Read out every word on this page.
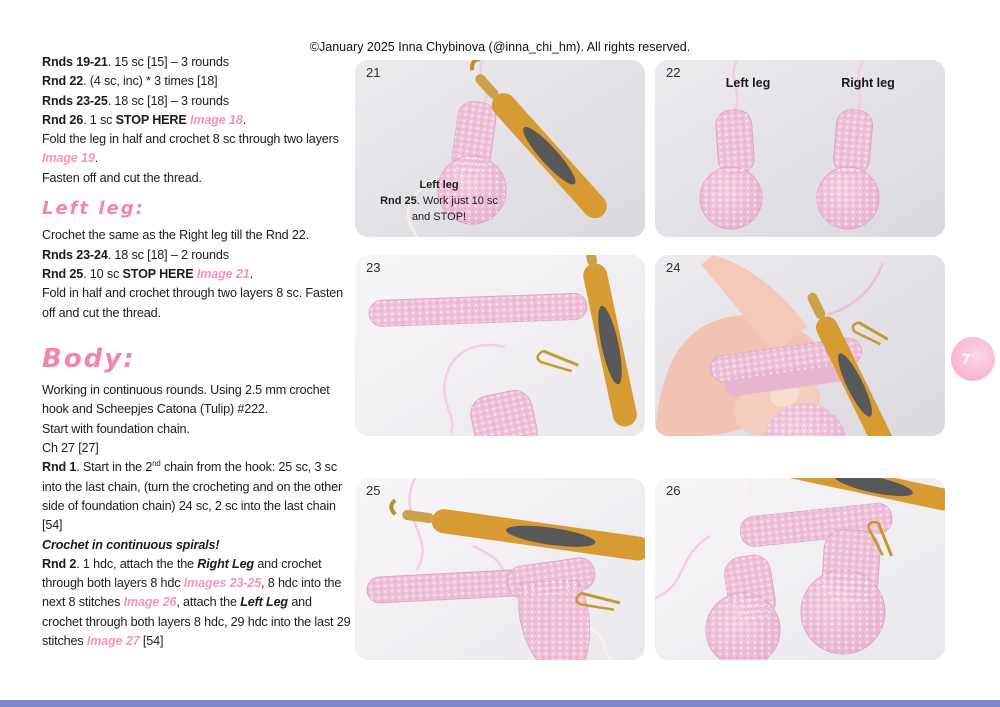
©January 2025 Inna Chybinova (@inna_chi_hm). All rights reserved.

Rnds 19-21. 15 sc [15] – 3 rounds

Rnd 22. (4 sc, inc) * 3 times [18]

Rnds 23-25. 18 sc [18] – 3 rounds

Rnd 26. 1 sc STOP HERE Image 18.

Fold the leg in half and crochet 8 sc through two layers Image 19.

Fasten off and cut the thread.

Left leg:

Crochet the same as the Right leg till the Rnd 22.

Rnds 23-24. 18 sc [18] – 2 rounds

Rnd 25. 10 sc STOP HERE Image 21.

Fold in half and crochet through two layers 8 sc. Fasten off and cut the thread.

Body:

Working in continuous rounds. Using 2.5 mm crochet hook and Scheepjes Catona (Tulip) #222.

Start with foundation chain.

Ch 27 [27]

Rnd 1. Start in the 2nd chain from the hook: 25 sc, 3 sc into the last chain, (turn the crocheting and on the other side of foundation chain) 24 sc, 2 sc into the last chain [54]

Crochet in continuous spirals!

Rnd 2. 1 hdc, attach the the Right Leg and crochet through both layers 8 hdc Images 23-25, 8 hdc into the next 8 stitches Image 26, attach the Left Leg and crochet through both layers 8 hdc, 29 hdc into the last 29 stitches Image 27 [54]

21
Left leg
Rnd 25. Work just 10 sc
and STOP!
22
Left leg	Right leg
23	24
25	26
7
